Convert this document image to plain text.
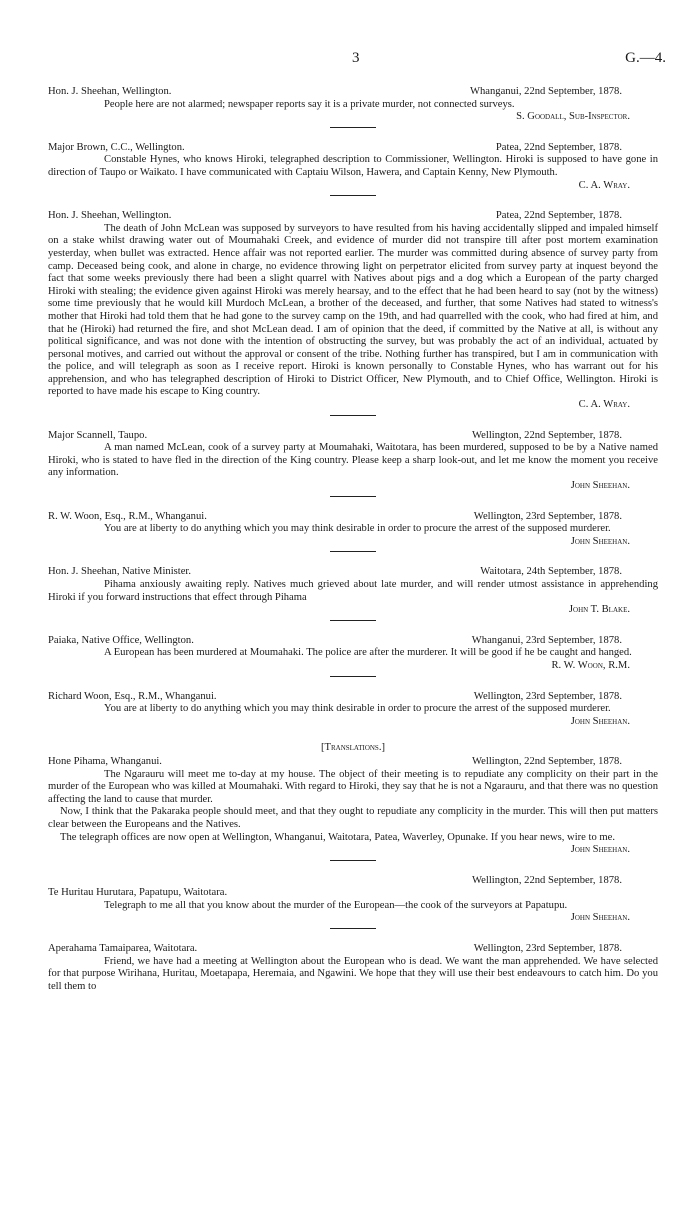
3	G.—4.
Hon. J. Sheehan, Wellington.	Whanganui, 22nd September, 1878.

People here are not alarmed; newspaper reports say it is a private murder, not connected surveys.

S. Goodall, Sub-Inspector.
Major Brown, C.C., Wellington.	Patea, 22nd September, 1878.

Constable Hynes, who knows Hiroki, telegraphed description to Commissioner, Wellington. Hiroki is supposed to have gone in direction of Taupo or Waikato. I have communicated with Captaiu Wilson, Hawera, and Captain Kenny, New Plymouth.

C. A. Wray.
Hon. J. Sheehan, Wellington.	Patea, 22nd September, 1878.

The death of John McLean was supposed by surveyors to have resulted from his having accidentally slipped and impaled himself on a stake whilst drawing water out of Moumahaki Creek, and evidence of murder did not transpire till after post mortem examination yesterday, when bullet was extracted. Hence affair was not reported earlier. The murder was committed during absence of survey party from camp. Deceased being cook, and alone in charge, no evidence throwing light on perpetrator elicited from survey party at inquest beyond the fact that some weeks previously there had been a slight quarrel with Natives about pigs and a dog which a European of the party charged Hiroki with stealing; the evidence given against Hiroki was merely hearsay, and to the effect that he had been heard to say (not by the witness) some time previously that he would kill Murdoch McLean, a brother of the deceased, and further, that some Natives had stated to witness's mother that Hiroki had told them that he had gone to the survey camp on the 19th, and had quarrelled with the cook, who had fired at him, and that he (Hiroki) had returned the fire, and shot McLean dead. I am of opinion that the deed, if committed by the Native at all, is without any political significance, and was not done with the intention of obstructing the survey, but was probably the act of an individual, actuated by personal motives, and carried out without the approval or consent of the tribe. Nothing further has transpired, but I am in communication with the police, and will telegraph as soon as I receive report. Hiroki is known personally to Constable Hynes, who has warrant out for his apprehension, and who has telegraphed description of Hiroki to District Officer, New Plymouth, and to Chief Office, Wellington. Hiroki is reported to have made his escape to King country.

C. A. Wray.
Major Scannell, Taupo.	Wellington, 22nd September, 1878.

A man named McLean, cook of a survey party at Moumahaki, Waitotara, has been murdered, supposed to be by a Native named Hiroki, who is stated to have fled in the direction of the King country. Please keep a sharp look-out, and let me know the moment you receive any information.

John Sheehan.
R. W. Woon, Esq., R.M., Whanganui.	Wellington, 23rd September, 1878.

You are at liberty to do anything which you may think desirable in order to procure the arrest of the supposed murderer.

John Sheehan.
Hon. J. Sheehan, Native Minister.	Waitotara, 24th September, 1878.

Pihama anxiously awaiting reply. Natives much grieved about late murder, and will render utmost assistance in apprehending Hiroki if you forward instructions that effect through Pihama

John T. Blake.
Paiaka, Native Office, Wellington.	Whanganui, 23rd September, 1878.

A European has been murdered at Moumahaki. The police are after the murderer. It will be good if he be caught and hanged.

R. W. Woon, R.M.
Richard Woon, Esq., R.M., Whanganui.	Wellington, 23rd September, 1878.

You are at liberty to do anything which you may think desirable in order to procure the arrest of the supposed murderer.

John Sheehan.
[Translations.]
Hone Pihama, Whanganui.	Wellington, 22nd September, 1878.

The Ngarauru will meet me to-day at my house. The object of their meeting is to repudiate any complicity on their part in the murder of the European who was killed at Moumahaki. With regard to Hiroki, they say that he is not a Ngarauru, and that there was no question affecting the land to cause that murder.

Now, I think that the Pakaraka people should meet, and that they ought to repudiate any complicity in the murder. This will then put matters clear between the Europeans and the Natives.

The telegraph offices are now open at Wellington, Whanganui, Waitotara, Patea, Waverley, Opunake. If you hear news, wire to me.

John Sheehan.
Wellington, 22nd September, 1878.
Te Huritau Hurutara, Papatupu, Waitotara.

Telegraph to me all that you know about the murder of the European—the cook of the surveyors at Papatupu.

John Sheehan.
Aperahama Tamaiparea, Waitotara.	Wellington, 23rd September, 1878.

Friend, we have had a meeting at Wellington about the European who is dead. We want the man apprehended. We have selected for that purpose Wirihana, Huritau, Moetapapa, Heremaia, and Ngawini. We hope that they will use their best endeavours to catch him. Do you tell them to
